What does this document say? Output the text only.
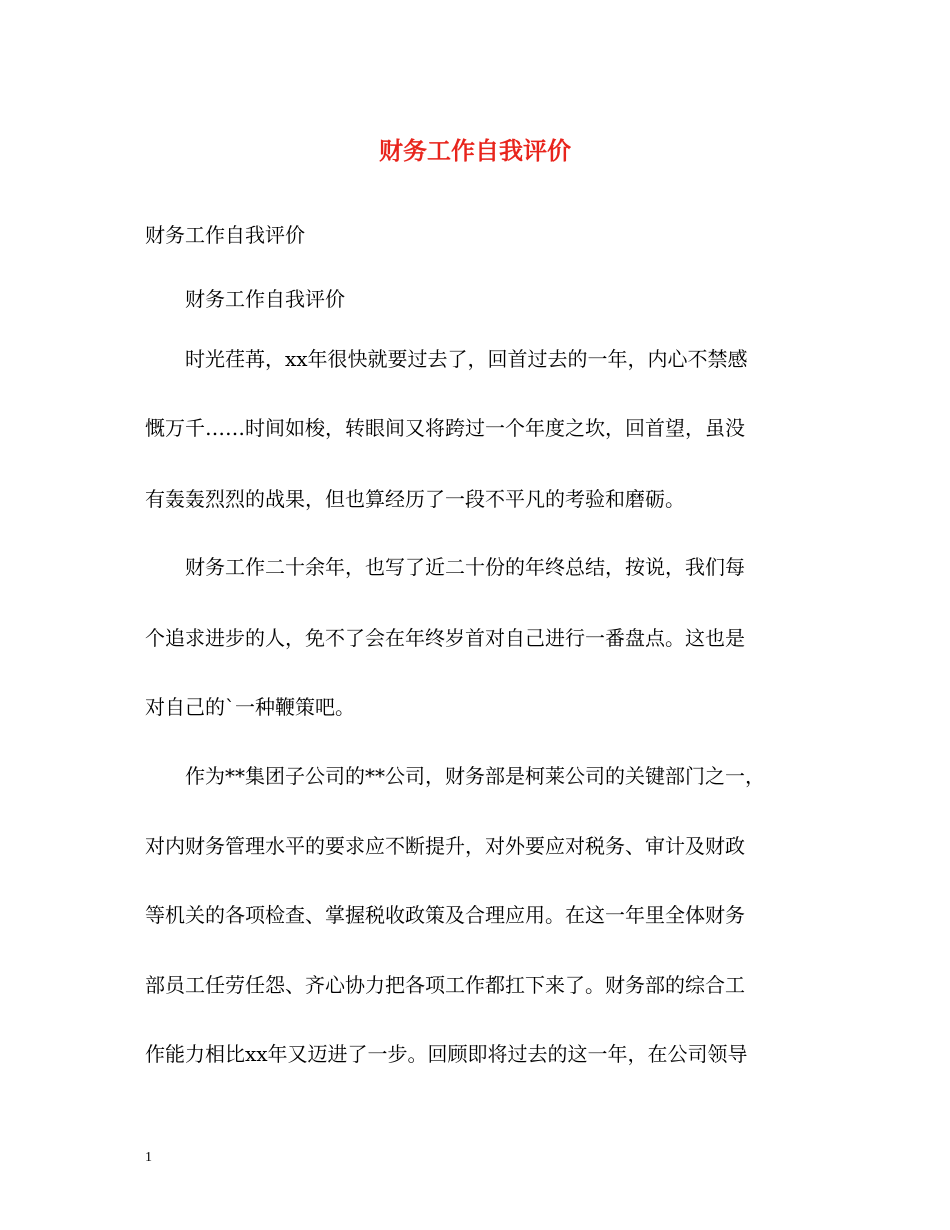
财务工作自我评价
财务工作自我评价
财务工作自我评价
时光荏苒，xx年很快就要过去了，回首过去的一年，内心不禁感
慨万千……时间如梭，转眼间又将跨过一个年度之坎，回首望，虽没
有轰轰烈烈的战果，但也算经历了一段不平凡的考验和磨砺。
财务工作二十余年，也写了近二十份的年终总结，按说，我们每
个追求进步的人，免不了会在年终岁首对自己进行一番盘点。这也是
对自己的`一种鞭策吧。
作为**集团子公司的**公司，财务部是柯莱公司的关键部门之一，
对内财务管理水平的要求应不断提升，对外要应对税务、审计及财政
等机关的各项检查、掌握税收政策及合理应用。在这一年里全体财务
部员工任劳任怨、齐心协力把各项工作都扛下来了。财务部的综合工
作能力相比xx年又迈进了一步。回顾即将过去的这一年，在公司领导
1
